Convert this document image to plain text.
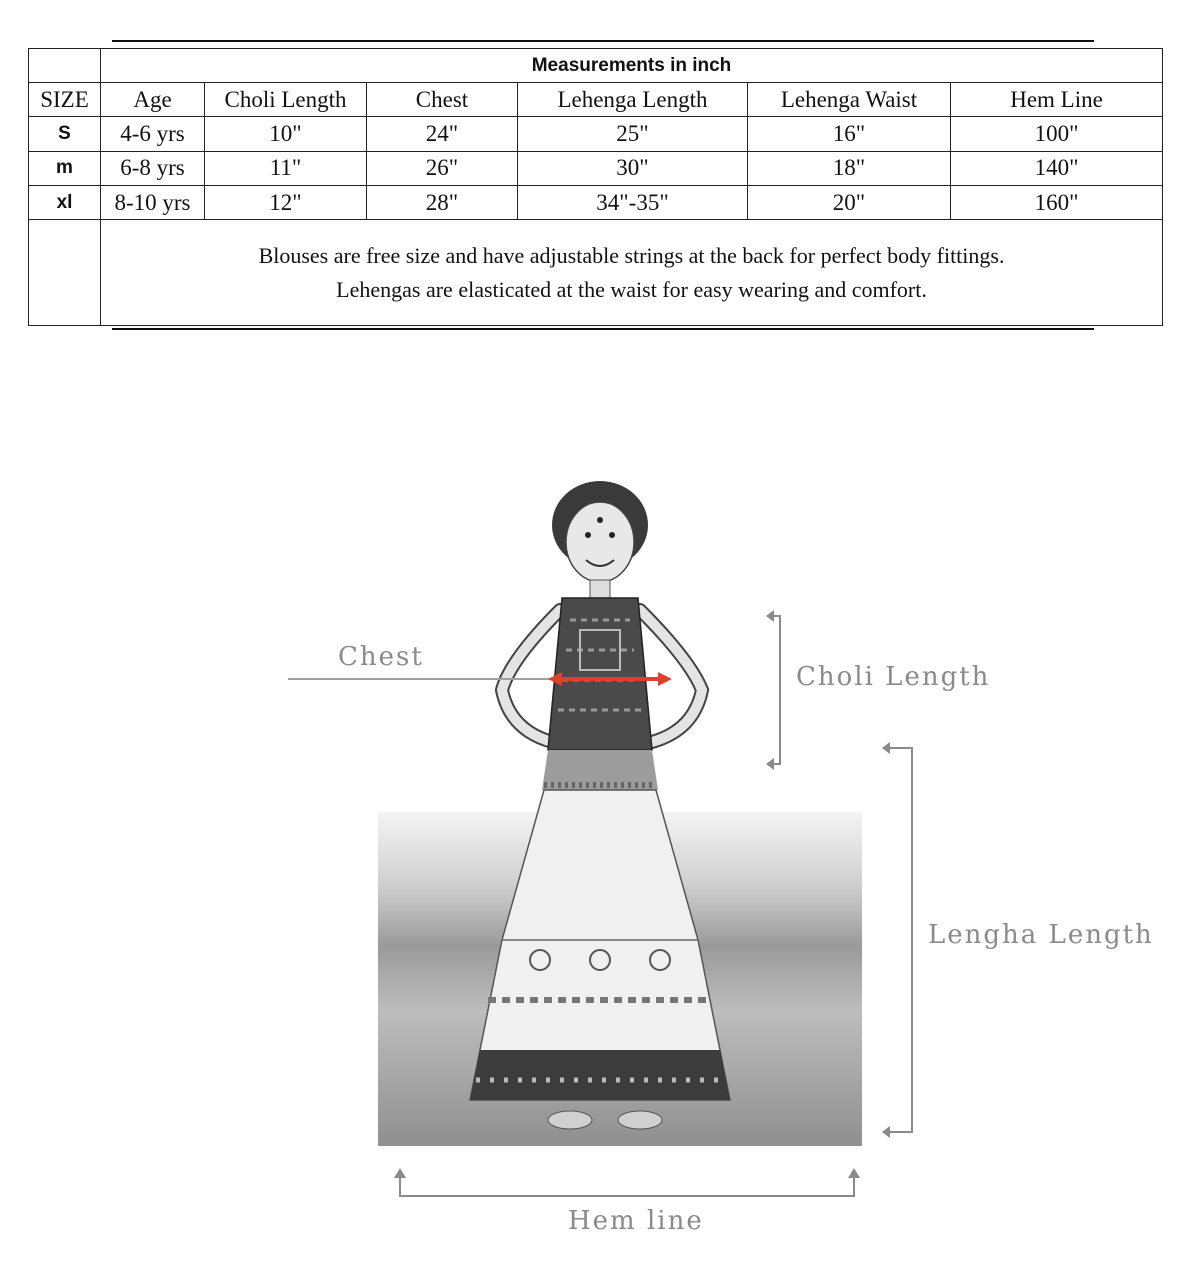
	Measurements in inch					
SIZE	Age	Choli Length	Chest	Lehenga Length	Lehenga Waist	Hem Line
S	4-6 yrs	10"	24"	25"	16"	100"
m	6-8 yrs	11"	26"	30"	18"	140"
xl	8-10 yrs	12"	28"	34"-35"	20"	160"

	Blouses are free size and have adjustable strings at the back for perfect body fittings.
Lehengas are elasticated at the waist for easy wearing and comfort.					
Chest
Choli Length
Lengha Length
Hem line
